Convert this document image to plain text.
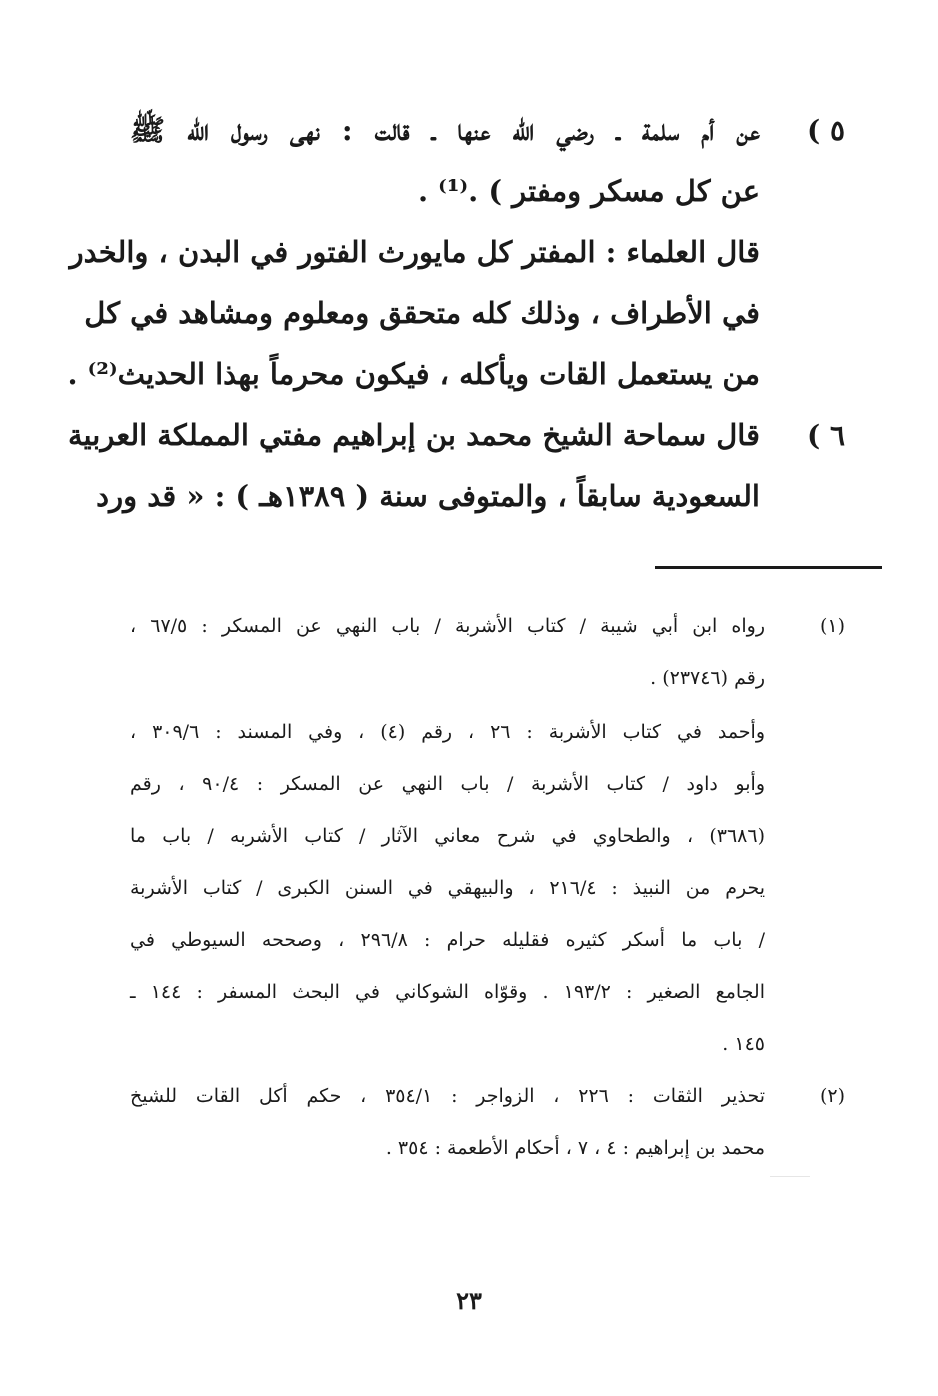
٥ )
عن أم سلمة ـ رضي الله عنها ـ قالت : نهى رسول الله ﷺ
عن كل مسكر ومفتر ) .⁽¹⁾ .
قال العلماء : المفتر كل مايورث الفتور في البدن ، والخدر
في الأطراف ، وذلك كله متحقق ومعلوم ومشاهد في كل
من يستعمل القات ويأكله ، فيكون محرماً بهذا الحديث⁽²⁾ .
٦ )
قال سماحة الشيخ محمد بن إبراهيم مفتي المملكة العربية
السعودية سابقاً ، والمتوفى سنة ( ١٣٨٩هـ ) : « قد ورد
(١)
رواه ابن أبي شيبة / كتاب الأشربة / باب النهي عن المسكر : ٦٧/٥ ،
رقم (٢٣٧٤٦) .
وأحمد في كتاب الأشربة : ٢٦ ، رقم (٤) ، وفي المسند : ٣٠٩/٦ ،
وأبو داود / كتاب الأشربة / باب النهي عن المسكر : ٩٠/٤ ، رقم
(٣٦٨٦) ، والطحاوي في شرح معاني الآثار / كتاب الأشربه / باب ما
يحرم من النبيذ : ٢١٦/٤ ، والبيهقي في السنن الكبرى / كتاب الأشربة
/ باب ما أسكر كثيره فقليله حرام : ٢٩٦/٨ ، وصححه السيوطي في
الجامع الصغير : ١٩٣/٢ . وقوّاه الشوكاني في البحث المسفر : ١٤٤ ـ
١٤٥ .
(٢)
تحذير الثقات : ٢٢٦ ، الزواجر : ٣٥٤/١ ، حكم أكل القات للشيخ
محمد بن إبراهيم : ٤ ، ٧ ، أحكام الأطعمة : ٣٥٤ .
٢٣
